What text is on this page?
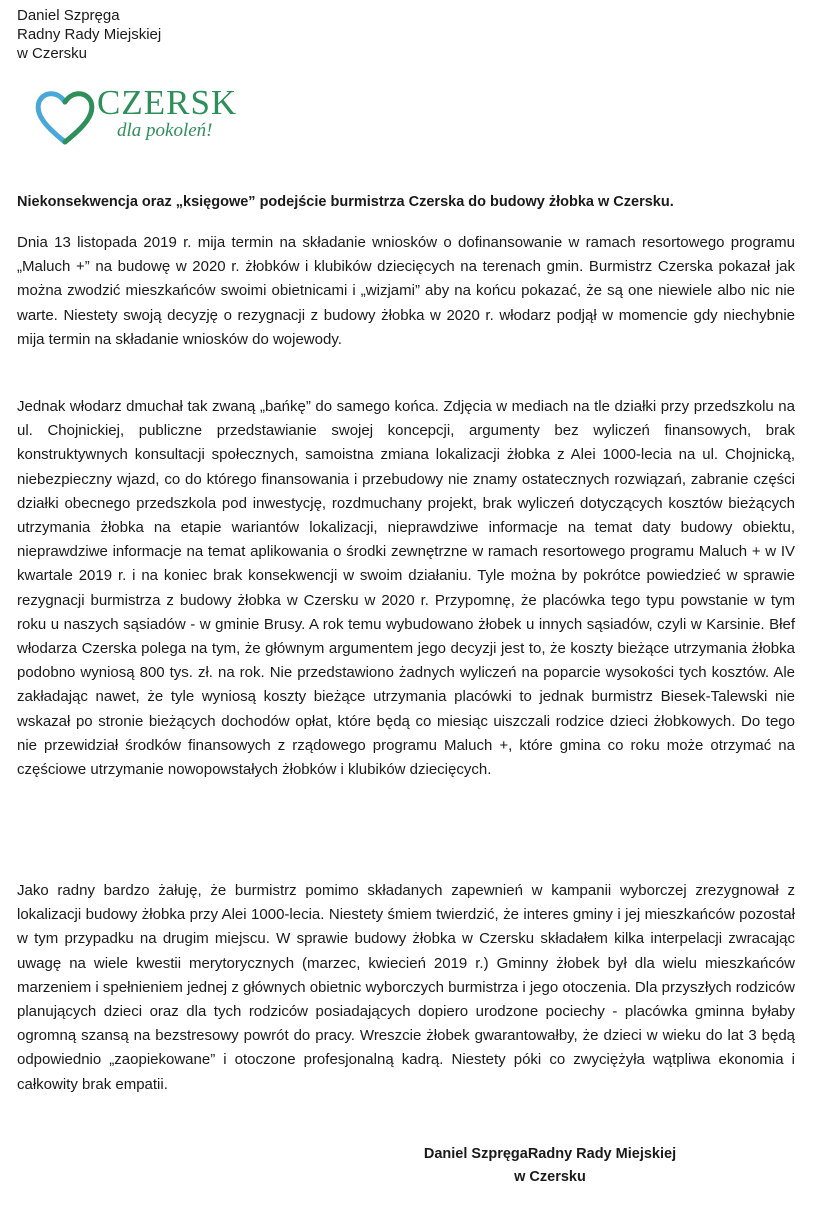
Daniel Szpręga
Radny Rady Miejskiej
w Czersku
CZERSK
dla pokoleń!
Niekonsekwencja oraz „księgowe” podejście burmistrza Czerska do budowy żłobka w Czersku.
Dnia 13 listopada 2019 r. mija termin na składanie wniosków o dofinansowanie w ramach resortowego programu „Maluch +” na budowę w 2020 r. żłobków i klubików dziecięcych na terenach gmin. Burmistrz Czerska pokazał jak można zwodzić mieszkańców swoimi obietnicami i „wizjami” aby na końcu pokazać, że są one niewiele albo nic nie warte. Niestety swoją decyzję o rezygnacji z budowy żłobka w 2020 r. włodarz podjął w momencie gdy niechybnie mija termin na składanie wniosków do wojewody.
Jednak włodarz dmuchał tak zwaną „bańkę” do samego końca. Zdjęcia w mediach na tle działki przy przedszkolu na ul. Chojnickiej, publiczne przedstawianie swojej koncepcji, argumenty bez wyliczeń finansowych, brak konstruktywnych konsultacji społecznych, samoistna zmiana lokalizacji żłobka z Alei 1000-lecia na ul. Chojnicką, niebezpieczny wjazd, co do którego finansowania i przebudowy nie znamy ostatecznych rozwiązań, zabranie części działki obecnego przedszkola pod inwestycję, rozdmuchany projekt, brak wyliczeń dotyczących kosztów bieżących utrzymania żłobka na etapie wariantów lokalizacji, nieprawdziwe informacje na temat daty budowy obiektu, nieprawdziwe informacje na temat aplikowania o środki zewnętrzne w ramach resortowego programu Maluch + w IV kwartale 2019 r. i na koniec brak konsekwencji w swoim działaniu. Tyle można by pokrótce powiedzieć w sprawie rezygnacji burmistrza z budowy żłobka w Czersku w 2020 r. Przypomnę, że placówka tego typu powstanie w tym roku u naszych sąsiadów - w gminie Brusy. A rok temu wybudowano żłobek u innych sąsiadów, czyli w Karsinie. Błef włodarza Czerska polega na tym, że głównym argumentem jego decyzji jest to, że koszty bieżące utrzymania żłobka podobno wyniosą 800 tys. zł. na rok. Nie przedstawiono żadnych wyliczeń na poparcie wysokości tych kosztów. Ale zakładając nawet, że tyle wyniosą koszty bieżące utrzymania placówki to jednak burmistrz Biesek-Talewski nie wskazał po stronie bieżących dochodów opłat, które będą co miesiąc uiszczali rodzice dzieci żłobkowych. Do tego nie przewidział środków finansowych z rządowego programu Maluch +, które gmina co roku może otrzymać na częściowe utrzymanie nowopowstałych żłobków i klubików dziecięcych.
Jako radny bardzo żałuję, że burmistrz pomimo składanych zapewnień w kampanii wyborczej zrezygnował z lokalizacji budowy żłobka przy Alei 1000-lecia. Niestety śmiem twierdzić, że interes gminy i jej mieszkańców pozostał w tym przypadku na drugim miejscu. W sprawie budowy żłobka w Czersku składałem kilka interpelacji zwracając uwagę na wiele kwestii merytorycznych (marzec, kwiecień 2019 r.) Gminny żłobek był dla wielu mieszkańców marzeniem i spełnieniem jednej z głównych obietnic wyborczych burmistrza i jego otoczenia. Dla przyszłych rodziców planujących dzieci oraz dla tych rodziców posiadających dopiero urodzone pociechy - placówka gminna byłaby ogromną szansą na bezstresowy powrót do pracy. Wreszcie żłobek gwarantowałby, że dzieci w wieku do lat 3 będą odpowiednio „zaopiekowane” i otoczone profesjonalną kadrą. Niestety póki co zwyciężyła wątpliwa ekonomia i całkowity brak empatii.
Daniel SzpręgaRadny Rady Miejskiej
w Czersku
